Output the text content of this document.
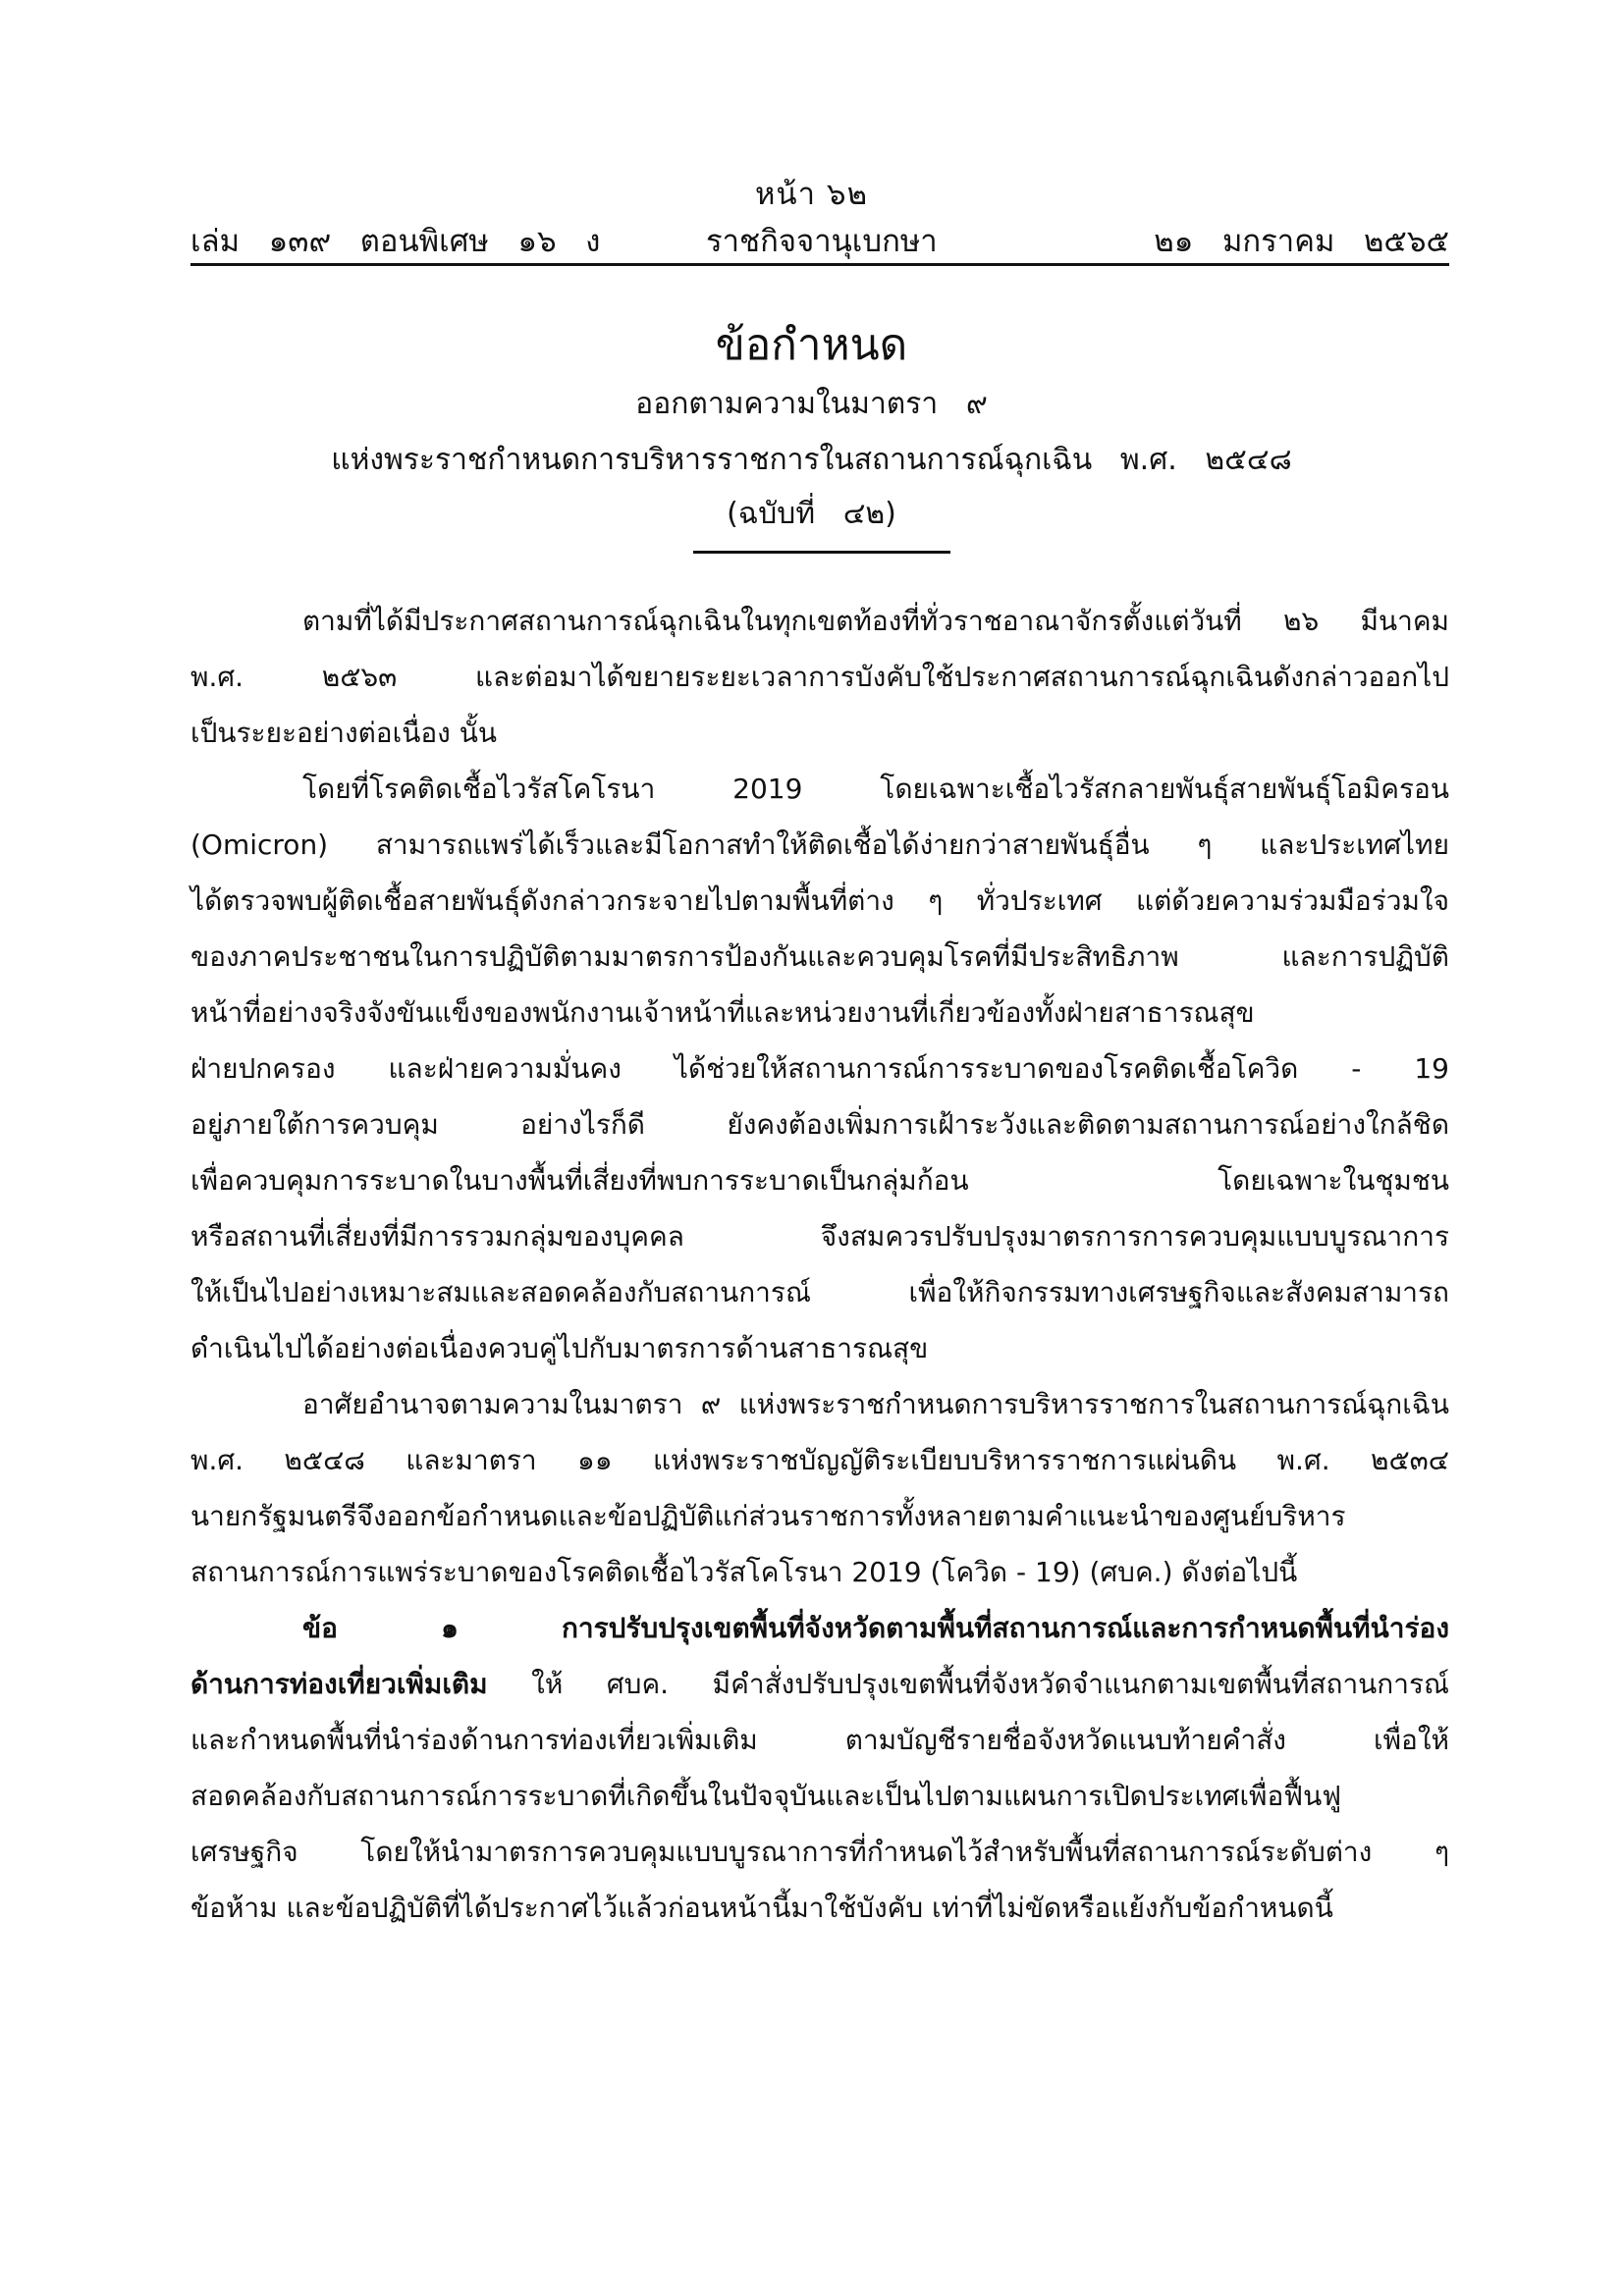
หน้า ๖๒
เล่ม   ๑๓๙   ตอนพิเศษ   ๑๖   ง	ราชกิจจานุเบกษา	๒๑   มกราคม   ๒๕๖๕
ข้อกำหนด
ออกตามความในมาตรา   ๙
แห่งพระราชกำหนดการบริหารราชการในสถานการณ์ฉุกเฉิน   พ.ศ.   ๒๕๔๘
(ฉบับที่   ๔๒)
ตามที่ได้มีประกาศสถานการณ์ฉุกเฉินในทุกเขตท้องที่ทั่วราชอาณาจักรตั้งแต่วันที่ ๒๖ มีนาคม
พ.ศ. ๒๕๖๓ และต่อมาได้ขยายระยะเวลาการบังคับใช้ประกาศสถานการณ์ฉุกเฉินดังกล่าวออกไป
เป็นระยะอย่างต่อเนื่อง นั้น
โดยที่โรคติดเชื้อไวรัสโคโรนา 2019 โดยเฉพาะเชื้อไวรัสกลายพันธุ์สายพันธุ์โอมิครอน
(Omicron) สามารถแพร่ได้เร็วและมีโอกาสทำให้ติดเชื้อได้ง่ายกว่าสายพันธุ์อื่น ๆ และประเทศไทย
ได้ตรวจพบผู้ติดเชื้อสายพันธุ์ดังกล่าวกระจายไปตามพื้นที่ต่าง ๆ ทั่วประเทศ แต่ด้วยความร่วมมือร่วมใจ
ของภาคประชาชนในการปฏิบัติตามมาตรการป้องกันและควบคุมโรคที่มีประสิทธิภาพ และการปฏิบัติ
หน้าที่อย่างจริงจังขันแข็งของพนักงานเจ้าหน้าที่และหน่วยงานที่เกี่ยวข้องทั้งฝ่ายสาธารณสุข
ฝ่ายปกครอง และฝ่ายความมั่นคง ได้ช่วยให้สถานการณ์การระบาดของโรคติดเชื้อโควิด - 19
อยู่ภายใต้การควบคุม อย่างไรก็ดี ยังคงต้องเพิ่มการเฝ้าระวังและติดตามสถานการณ์อย่างใกล้ชิด
เพื่อควบคุมการระบาดในบางพื้นที่เสี่ยงที่พบการระบาดเป็นกลุ่มก้อน โดยเฉพาะในชุมชน
หรือสถานที่เสี่ยงที่มีการรวมกลุ่มของบุคคล จึงสมควรปรับปรุงมาตรการการควบคุมแบบบูรณาการ
ให้เป็นไปอย่างเหมาะสมและสอดคล้องกับสถานการณ์ เพื่อให้กิจกรรมทางเศรษฐกิจและสังคมสามารถ
ดำเนินไปได้อย่างต่อเนื่องควบคู่ไปกับมาตรการด้านสาธารณสุข
อาศัยอำนาจตามความในมาตรา ๙ แห่งพระราชกำหนดการบริหารราชการในสถานการณ์ฉุกเฉิน
พ.ศ. ๒๕๔๘ และมาตรา ๑๑ แห่งพระราชบัญญัติระเบียบบริหารราชการแผ่นดิน พ.ศ. ๒๕๓๔
นายกรัฐมนตรีจึงออกข้อกำหนดและข้อปฏิบัติแก่ส่วนราชการทั้งหลายตามคำแนะนำของศูนย์บริหาร
สถานการณ์การแพร่ระบาดของโรคติดเชื้อไวรัสโคโรนา 2019 (โควิด - 19) (ศบค.) ดังต่อไปนี้
ข้อ ๑ การปรับปรุงเขตพื้นที่จังหวัดตามพื้นที่สถานการณ์และการกำหนดพื้นที่นำร่อง
ด้านการท่องเที่ยวเพิ่มเติม ให้ ศบค. มีคำสั่งปรับปรุงเขตพื้นที่จังหวัดจำแนกตามเขตพื้นที่สถานการณ์
และกำหนดพื้นที่นำร่องด้านการท่องเที่ยวเพิ่มเติม ตามบัญชีรายชื่อจังหวัดแนบท้ายคำสั่ง เพื่อให้
สอดคล้องกับสถานการณ์การระบาดที่เกิดขึ้นในปัจจุบันและเป็นไปตามแผนการเปิดประเทศเพื่อฟื้นฟู
เศรษฐกิจ โดยให้นำมาตรการควบคุมแบบบูรณาการที่กำหนดไว้สำหรับพื้นที่สถานการณ์ระดับต่าง ๆ
ข้อห้าม และข้อปฏิบัติที่ได้ประกาศไว้แล้วก่อนหน้านี้มาใช้บังคับ เท่าที่ไม่ขัดหรือแย้งกับข้อกำหนดนี้
